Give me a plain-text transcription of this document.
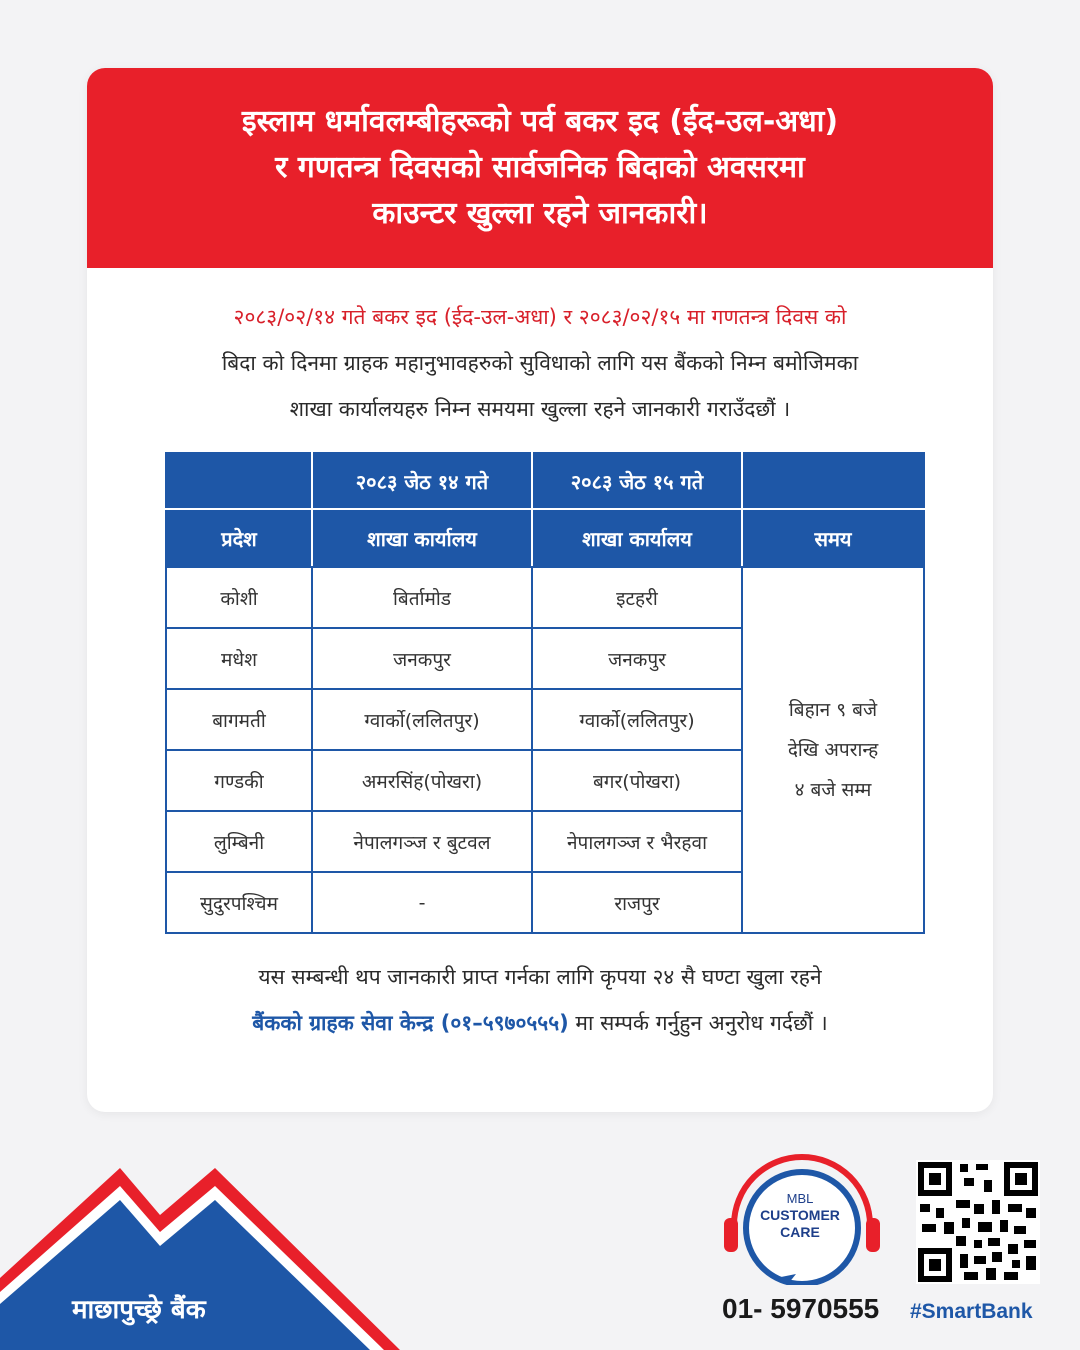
इस्लाम धर्मावलम्बीहरूको पर्व बकर इद (ईद-उल-अधा)
र गणतन्त्र दिवसको सार्वजनिक बिदाको अवसरमा
काउन्टर खुल्ला रहने जानकारी।
२०८३/०२/१४ गते बकर इद (ईद-उल-अधा) र २०८३/०२/१५ मा गणतन्त्र दिवस को
बिदा को दिनमा ग्राहक महानुभावहरुको सुविधाको लागि यस बैंकको निम्न बमोजिमका
शाखा कार्यालयहरु निम्न समयमा खुल्ला रहने जानकारी गराउँदछौं ।
	२०८३ जेठ १४ गते	२०८३ जेठ १५ गते	
प्रदेश	शाखा कार्यालय	शाखा कार्यालय	समय
कोशी	बिर्तामोड	इटहरी	बिहान ९ बजे
देखि अपरान्ह
४ बजे सम्म

मधेश	जनकपुर	जनकपुर	
बागमती	ग्वार्को(ललितपुर)	ग्वार्को(ललितपुर)	
गण्डकी	अमरसिंह(पोखरा)	बगर(पोखरा)	
लुम्बिनी	नेपालगञ्ज र बुटवल	नेपालगञ्ज र भैरहवा	
सुदुरपश्चिम	-	राजपुर	
यस सम्बन्धी थप जानकारी प्राप्त गर्नका लागि कृपया २४ सै घण्टा खुला रहने
बैंकको ग्राहक सेवा केन्द्र (०१–५९७०५५५) मा सम्पर्क गर्नुहुन अनुरोध गर्दछौं ।
माछापुच्छ्रे बैंक
MBL
CUSTOMER
CARE
01- 5970555 #SmartBank
